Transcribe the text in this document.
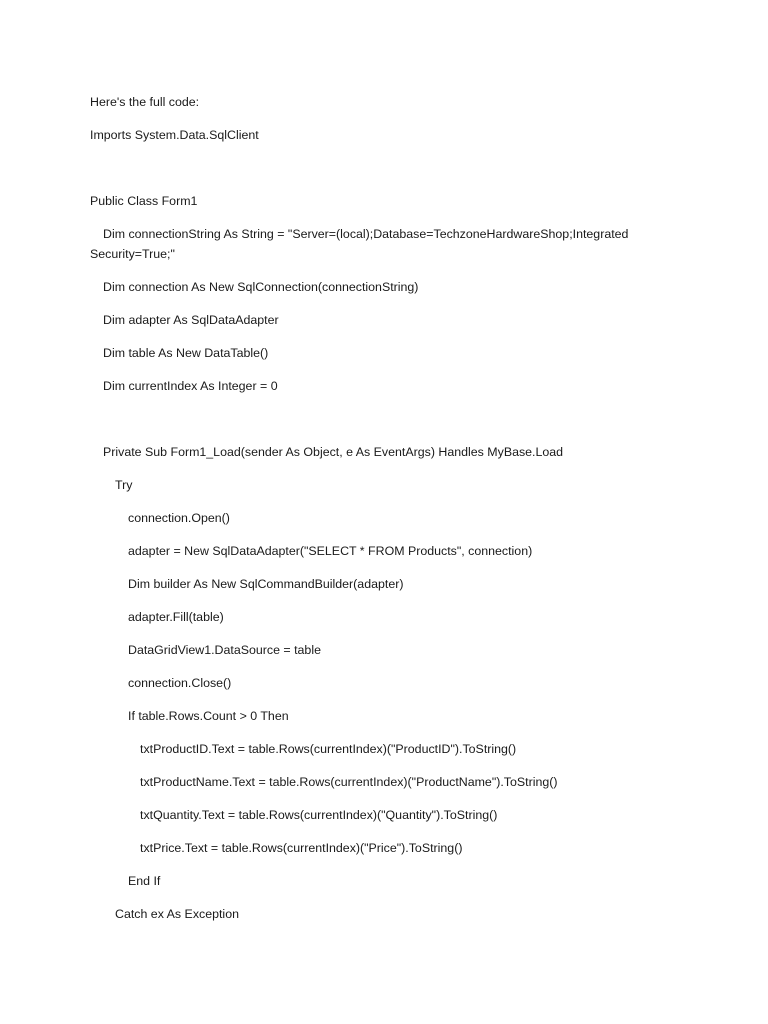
Here's the full code:
Imports System.Data.SqlClient
Public Class Form1
Dim connectionString As String = "Server=(local);Database=TechzoneHardwareShop;Integrated Security=True;"
Dim connection As New SqlConnection(connectionString)
Dim adapter As SqlDataAdapter
Dim table As New DataTable()
Dim currentIndex As Integer = 0
Private Sub Form1_Load(sender As Object, e As EventArgs) Handles MyBase.Load
Try
connection.Open()
adapter = New SqlDataAdapter("SELECT * FROM Products", connection)
Dim builder As New SqlCommandBuilder(adapter)
adapter.Fill(table)
DataGridView1.DataSource = table
connection.Close()
If table.Rows.Count > 0 Then
txtProductID.Text = table.Rows(currentIndex)("ProductID").ToString()
txtProductName.Text = table.Rows(currentIndex)("ProductName").ToString()
txtQuantity.Text = table.Rows(currentIndex)("Quantity").ToString()
txtPrice.Text = table.Rows(currentIndex)("Price").ToString()
End If
Catch ex As Exception
